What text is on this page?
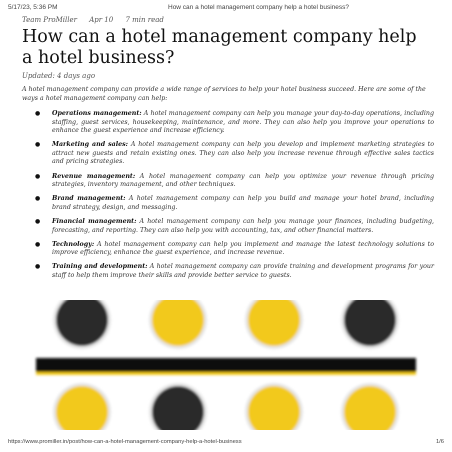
5/17/23, 5:36 PM	How can a hotel management company help a hotel business?
Team ProMiller Apr 10 7 min read
How can a hotel management company help a hotel business?
Updated: 4 days ago

A hotel management company can provide a wide range of services to help your hotel business succeed. Here are some of the ways a hotel management company can help:

● Operations management: A hotel management company can help you manage your day-to-day operations, including staffing, guest services, housekeeping, maintenance, and more. They can also help you improve your operations to enhance the guest experience and increase efficiency.
● Marketing and sales: A hotel management company can help you develop and implement marketing strategies to attract new guests and retain existing ones. They can also help you increase revenue through effective sales tactics and pricing strategies.
● Revenue management: A hotel management company can help you optimize your revenue through pricing strategies, inventory management, and other techniques.
● Brand management: A hotel management company can help you build and manage your hotel brand, including brand strategy, design, and messaging.
● Financial management: A hotel management company can help you manage your finances, including budgeting, forecasting, and reporting. They can also help you with accounting, tax, and other financial matters.
● Technology: A hotel management company can help you implement and manage the latest technology solutions to improve efficiency, enhance the guest experience, and increase revenue.
● Training and development: A hotel management company can provide training and development programs for your staff to help them improve their skills and provide better service to guests.
https://www.promiller.in/post/how-can-a-hotel-management-company-help-a-hotel-business	1/6
